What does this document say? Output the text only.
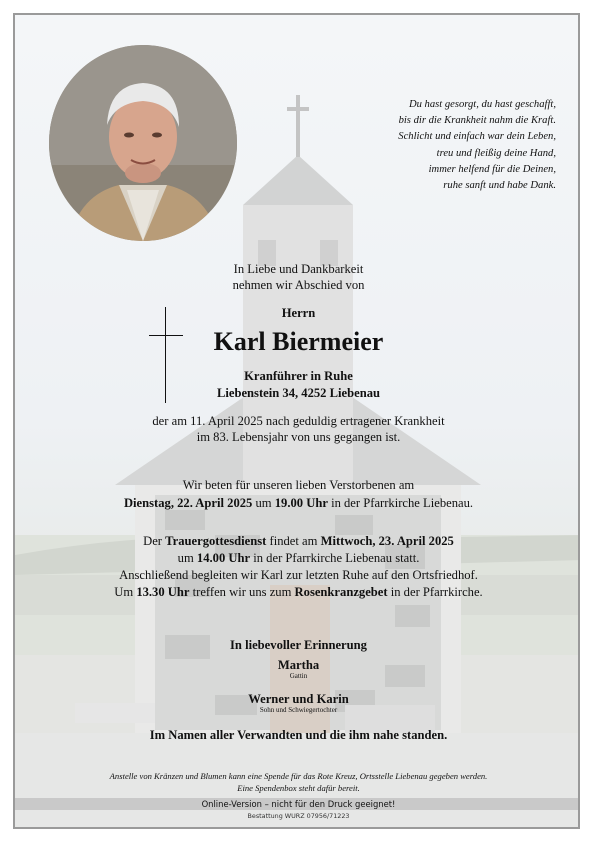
Du hast gesorgt, du hast geschafft,
bis dir die Krankheit nahm die Kraft.
Schlicht und einfach war dein Leben,
treu und fleißig deine Hand,
immer helfend für die Deinen,
ruhe sanft und habe Dank.
In Liebe und Dankbarkeit
nehmen wir Abschied von
Herrn
Karl Biermeier
Kranführer in Ruhe
Liebenstein 34, 4252 Liebenau
der am 11. April 2025 nach geduldig ertragener Krankheit
im 83. Lebensjahr von uns gegangen ist.
Wir beten für unseren lieben Verstorbenen am
Dienstag, 22. April 2025 um 19.00 Uhr in der Pfarrkirche Liebenau.
Der Trauergottesdienst findet am Mittwoch, 23. April 2025
um 14.00 Uhr in der Pfarrkirche Liebenau statt.
Anschließend begleiten wir Karl zur letzten Ruhe auf den Ortsfriedhof.
Um 13.30 Uhr treffen wir uns zum Rosenkranzgebet in der Pfarrkirche.
In liebevoller Erinnerung
Martha
Gattin
Werner und Karin
Sohn und Schwiegertochter
Im Namen aller Verwandten und die ihm nahe standen.
Anstelle von Kränzen und Blumen kann eine Spende für das Rote Kreuz, Ortsstelle Liebenau gegeben werden.
Eine Spendenbox steht dafür bereit.
Online-Version – nicht für den Druck geeignet!
Bestattung WURZ 07956/71223
